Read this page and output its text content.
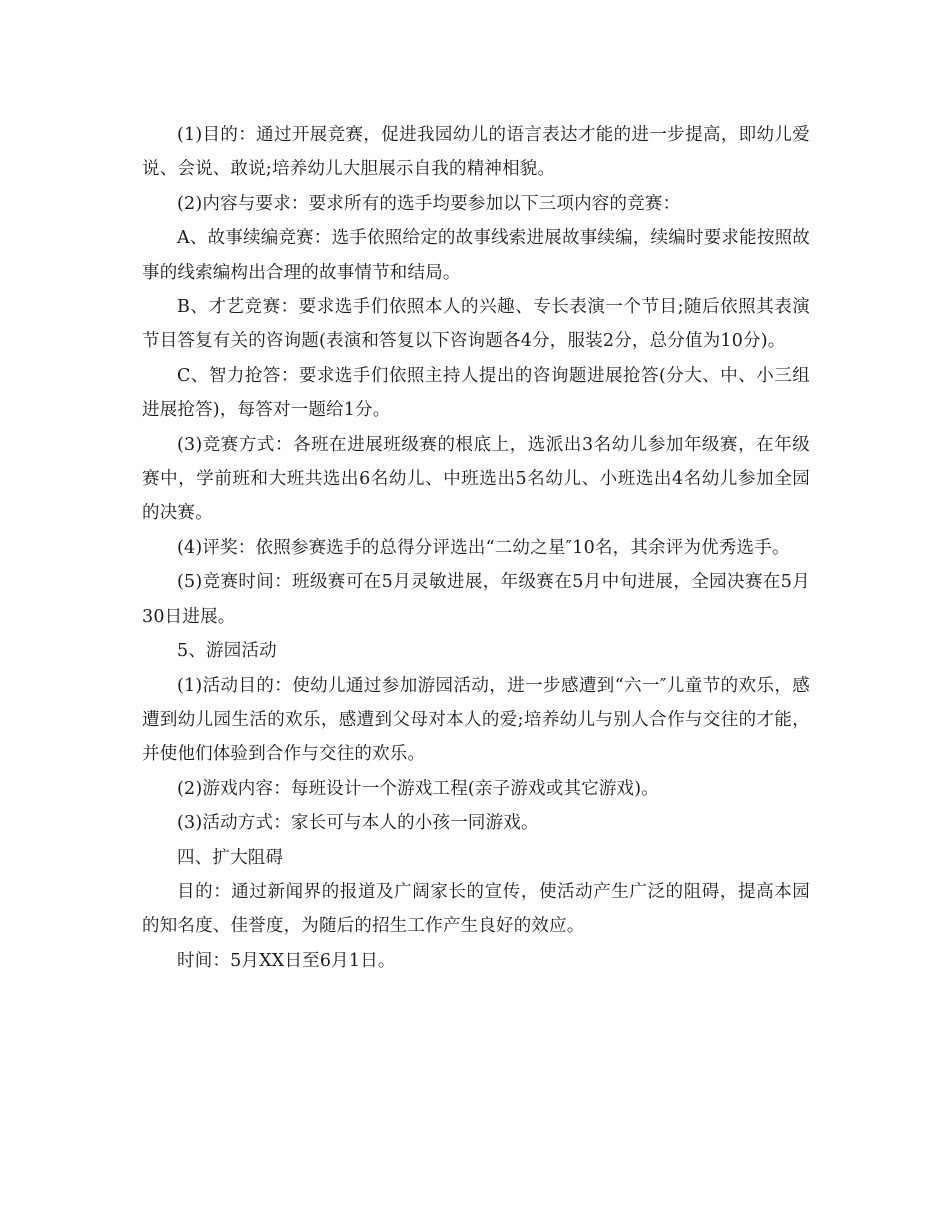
(1)目的：通过开展竞赛，促进我园幼儿的语言表达才能的进一步提高，即幼儿爱说、会说、敢说;培养幼儿大胆展示自我的精神相貌。

(2)内容与要求：要求所有的选手均要参加以下三项内容的竞赛：

A、故事续编竞赛：选手依照给定的故事线索进展故事续编，续编时要求能按照故事的线索编构出合理的故事情节和结局。

B、才艺竞赛：要求选手们依照本人的兴趣、专长表演一个节目;随后依照其表演节目答复有关的咨询题(表演和答复以下咨询题各4分，服装2分，总分值为10分)。

C、智力抢答：要求选手们依照主持人提出的咨询题进展抢答(分大、中、小三组进展抢答)，每答对一题给1分。

(3)竞赛方式：各班在进展班级赛的根底上，选派出3名幼儿参加年级赛，在年级赛中，学前班和大班共选出6名幼儿、中班选出5名幼儿、小班选出4名幼儿参加全园的决赛。

(4)评奖：依照参赛选手的总得分评选出“二幼之星″10名，其余评为优秀选手。

(5)竞赛时间：班级赛可在5月灵敏进展，年级赛在5月中旬进展，全园决赛在5月30日进展。

5、游园活动

(1)活动目的：使幼儿通过参加游园活动，进一步感遭到“六一″儿童节的欢乐，感遭到幼儿园生活的欢乐，感遭到父母对本人的爱;培养幼儿与别人合作与交往的才能，并使他们体验到合作与交往的欢乐。

(2)游戏内容：每班设计一个游戏工程(亲子游戏或其它游戏)。

(3)活动方式：家长可与本人的小孩一同游戏。

四、扩大阻碍

目的：通过新闻界的报道及广阔家长的宣传，使活动产生广泛的阻碍，提高本园的知名度、佳誉度，为随后的招生工作产生良好的效应。

时间：5月XX日至6月1日。
